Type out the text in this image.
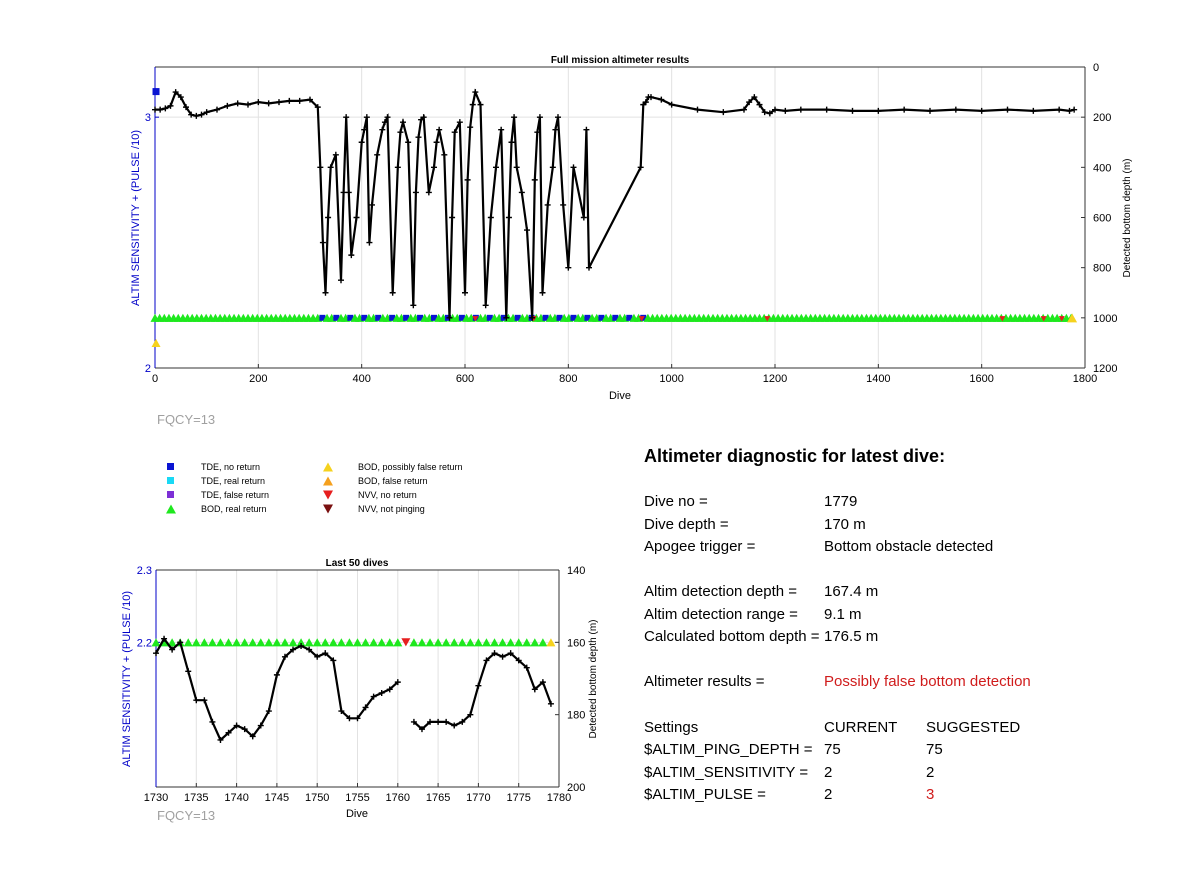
Full mission altimeter results
Dive
ALTIM SENSITIVITY + (PULSE /10)	Detected bottom depth (m)
0	200	400	600	800	1000	1200	1400	1600	1800
2
3
0
200
400
600
800
1000
1200
FQCY=13
TDE, no return
TDE, real return
TDE, false return
BOD, real return
BOD, possibly false return
BOD, false return
NVV, no return
NVV, not pinging
Last 50 dives
Dive
ALTIM SENSITIVITY + (PULSE /10)	Detected bottom depth (m)
1730 1735 1740 1745 1750 1755 1760 1765 1770 1775 1780
2.2
2.3	140
160
180
200
FQCY=13
Altimeter diagnostic for latest dive:
Dive no =	1779
Dive depth =	170 m
Apogee trigger =	Bottom obstacle detected
Altim detection depth = 167.4 m
Altim detection range = 9.1 m
Calculated bottom depth = 176.5 m
Altimeter results =	Possibly false bottom detection
Settings	CURRENT SUGGESTED
$ALTIM_PING_DEPTH = 75	75
$ALTIM_SENSITIVITY = 2	2
$ALTIM_PULSE =	2	3
